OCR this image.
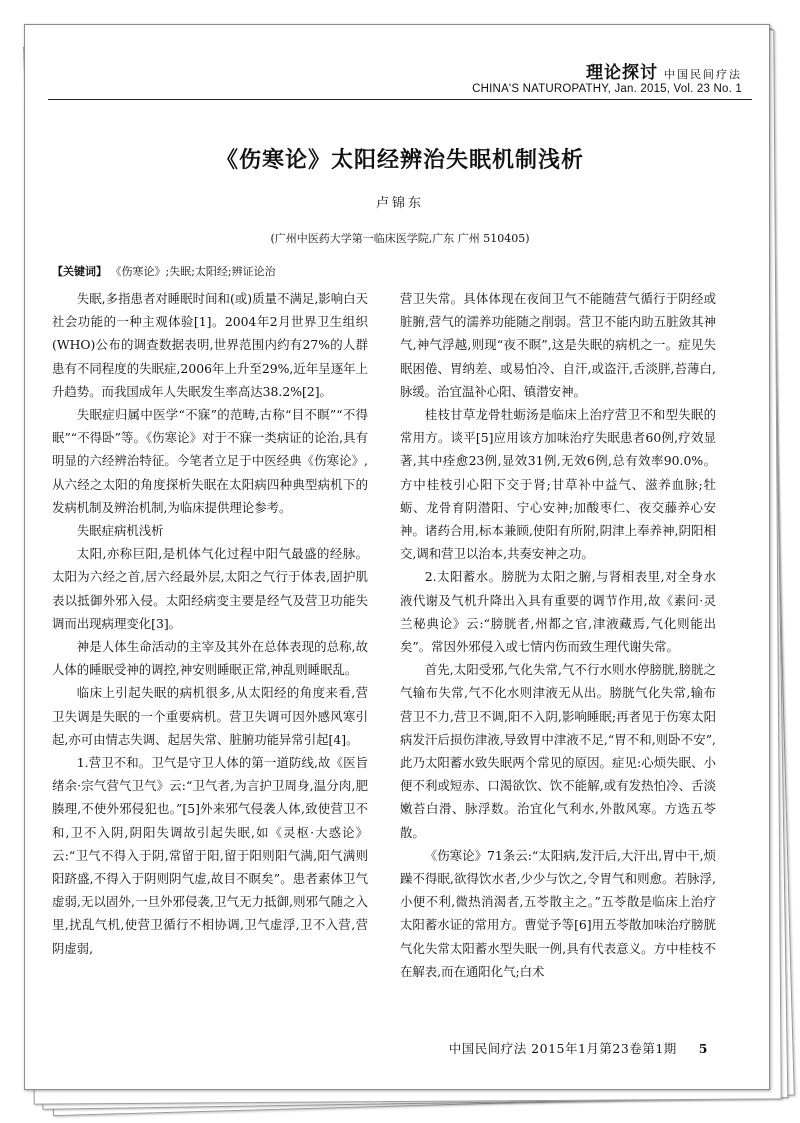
理论探讨 中国民间疗法
CHINA'S NATUROPATHY, Jan. 2015, Vol. 23 No. 1
《伤寒论》太阳经辨治失眠机制浅析
卢锦东
(广州中医药大学第一临床医学院,广东 广州 510405)
【关键词】 《伤寒论》;失眠;太阳经;辨证论治

失眠,多指患者对睡眠时间和(或)质量不满足,影响白天社会功能的一种主观体验[1]。2004年2月世界卫生组织(WHO)公布的调查数据表明,世界范围内约有27%的人群患有不同程度的失眠症,2006年上升至29%,近年呈逐年上升趋势。而我国成年人失眠发生率高达38.2%[2]。

失眠症归属中医学“不寐”的范畴,古称“目不瞑”“不得眠”“不得卧”等。《伤寒论》对于不寐一类病证的论治,具有明显的六经辨治特征。今笔者立足于中医经典《伤寒论》,从六经之太阳的角度探析失眠在太阳病四种典型病机下的发病机制及辨治机制,为临床提供理论参考。

失眠症病机浅析

太阳,亦称巨阳,是机体气化过程中阳气最盛的经脉。太阳为六经之首,居六经最外层,太阳之气行于体表,固护肌表以抵御外邪入侵。太阳经病变主要是经气及营卫功能失调而出现病理变化[3]。

神是人体生命活动的主宰及其外在总体表现的总称,故人体的睡眠受神的调控,神安则睡眠正常,神乱则睡眠乱。

临床上引起失眠的病机很多,从太阳经的角度来看,营卫失调是失眠的一个重要病机。营卫失调可因外感风寒引起,亦可由情志失调、起居失常、脏腑功能异常引起[4]。

1.营卫不和。卫气是守卫人体的第一道防线,故《医旨绪余·宗气营气卫气》云:“卫气者,为言护卫周身,温分肉,肥腠理,不使外邪侵犯也。”[5]外来邪气侵袭人体,致使营卫不和,卫不入阴,阴阳失调故引起失眠,如《灵枢·大惑论》云:“卫气不得入于阴,常留于阳,留于阳则阳气满,阳气满则阳跻盛,不得入于阴则阴气虚,故目不瞑矣”。患者素体卫气虚弱,无以固外,一旦外邪侵袭,卫气无力抵御,则邪气随之入里,扰乱气机,使营卫循行不相协调,卫气虚浮,卫不入营,营阴虚弱,

营卫失常。具体体现在夜间卫气不能随营气循行于阴经或脏腑,营气的濡养功能随之削弱。营卫不能内助五脏敛其神气,神气浮越,则现“夜不瞑”,这是失眠的病机之一。症见失眠困倦、胃纳差、或易怕冷、自汗,或盗汗,舌淡胖,苔薄白,脉缓。治宜温补心阳、镇潜安神。

桂枝甘草龙骨牡蛎汤是临床上治疗营卫不和型失眠的常用方。谈平[5]应用该方加味治疗失眠患者60例,疗效显著,其中痊愈23例,显效31例,无效6例,总有效率90.0%。方中桂枝引心阳下交于肾;甘草补中益气、滋养血脉;牡蛎、龙骨育阴潜阳、宁心安神;加酸枣仁、夜交藤养心安神。诸药合用,标本兼顾,使阳有所附,阴津上奉养神,阴阳相交,调和营卫以治本,共奏安神之功。

2.太阳蓄水。膀胱为太阳之腑,与肾相表里,对全身水液代谢及气机升降出入具有重要的调节作用,故《素问·灵兰秘典论》云:“膀胱者,州都之官,津液藏焉,气化则能出矣”。常因外邪侵入或七情内伤而致生理代谢失常。

首先,太阳受邪,气化失常,气不行水则水停膀胱,膀胱之气输布失常,气不化水则津液无从出。膀胱气化失常,输布营卫不力,营卫不调,阳不入阴,影响睡眠;再者见于伤寒太阳病发汗后损伤津液,导致胃中津液不足,“胃不和,则卧不安”,此乃太阳蓄水致失眠两个常见的原因。症见:心烦失眠、小便不利或短赤、口渴欲饮、饮不能解,或有发热怕冷、舌淡嫩苔白滑、脉浮数。治宜化气利水,外散风寒。方选五苓散。

《伤寒论》71条云:“太阳病,发汗后,大汗出,胃中干,烦躁不得眠,欲得饮水者,少少与饮之,令胃气和则愈。若脉浮,小便不利,微热消渴者,五苓散主之。”五苓散是临床上治疗太阳蓄水证的常用方。曹觉予等[6]用五苓散加味治疗膀胱气化失常太阳蓄水型失眠一例,具有代表意义。方中桂枝不在解表,而在通阳化气;白术

中国民间疗法 2015年1月第23卷第1期 5
